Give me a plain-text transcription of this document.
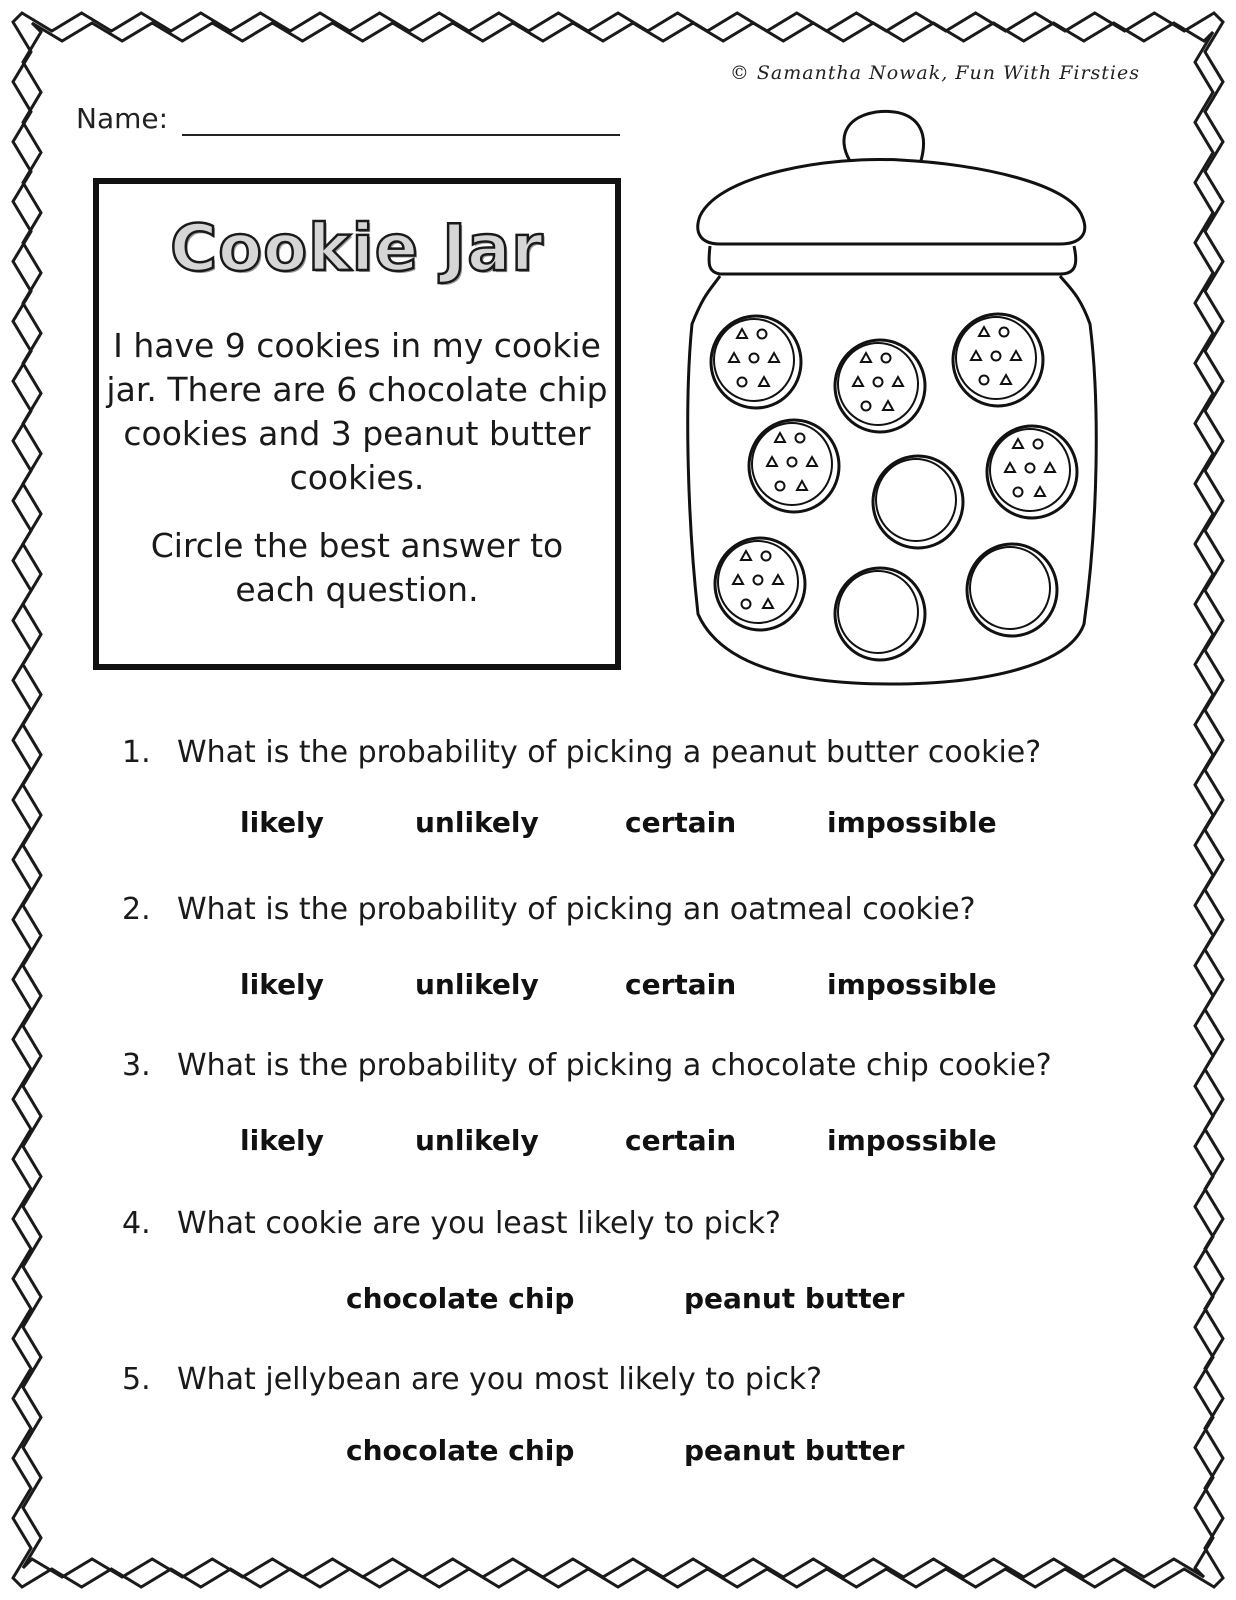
© Samantha Nowak, Fun With Firsties
Name:
Cookie Jar
I have 9 cookies in my cookie jar. There are 6 chocolate chip cookies and 3 peanut butter cookies.
Circle the best answer to each question.
1. What is the probability of picking a peanut butter cookie?
likely	unlikely	certain	impossible
2. What is the probability of picking an oatmeal cookie?
likely	unlikely	certain	impossible
3. What is the probability of picking a chocolate chip cookie?
likely	unlikely	certain	impossible
4. What cookie are you least likely to pick?
chocolate chip	peanut butter
5. What jellybean are you most likely to pick?
chocolate chip	peanut butter
